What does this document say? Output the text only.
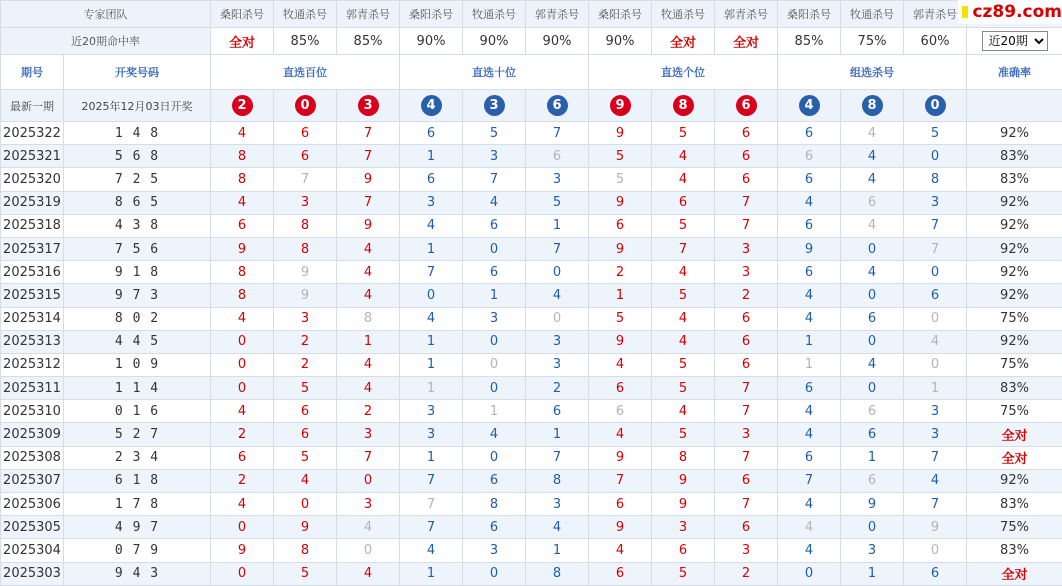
cz89.com
专家团队		桑阳杀号	牧通杀号	郭青杀号	桑阳杀号	牧通杀号	郭青杀号	桑阳杀号	牧通杀号	郭青杀号	桑阳杀号	牧通杀号	郭青杀号	
近20期命中率		全对	85%	85%	90%	90%	90%	90%	全对	全对	85%	75%	60%	
近20期
期号	开奖号码	直选百位			直选十位			直选个位			组选杀号			准确率
最新一期	2025年12月03日开奖	2	0	3	4	3	6	9	8	6	4	8	0	
2025322	1 4 8	4	6	7	6	5	7	9	5	6	6	4	5	92%
2025321	5 6 8	8	6	7	1	3	6	5	4	6	6	4	0	83%
2025320	7 2 5	8	7	9	6	7	3	5	4	6	6	4	8	83%
2025319	8 6 5	4	3	7	3	4	5	9	6	7	4	6	3	92%
2025318	4 3 8	6	8	9	4	6	1	6	5	7	6	4	7	92%
2025317	7 5 6	9	8	4	1	0	7	9	7	3	9	0	7	92%
2025316	9 1 8	8	9	4	7	6	0	2	4	3	6	4	0	92%
2025315	9 7 3	8	9	4	0	1	4	1	5	2	4	0	6	92%
2025314	8 0 2	4	3	8	4	3	0	5	4	6	4	6	0	75%
2025313	4 4 5	0	2	1	1	0	3	9	4	6	1	0	4	92%
2025312	1 0 9	0	2	4	1	0	3	4	5	6	1	4	0	75%
2025311	1 1 4	0	5	4	1	0	2	6	5	7	6	0	1	83%
2025310	0 1 6	4	6	2	3	1	6	6	4	7	4	6	3	75%
2025309	5 2 7	2	6	3	3	4	1	4	5	3	4	6	3	全对
2025308	2 3 4	6	5	7	1	0	7	9	8	7	6	1	7	全对
2025307	6 1 8	2	4	0	7	6	8	7	9	6	7	6	4	92%
2025306	1 7 8	4	0	3	7	8	3	6	9	7	4	9	7	83%
2025305	4 9 7	0	9	4	7	6	4	9	3	6	4	0	9	75%
2025304	0 7 9	9	8	0	4	3	1	4	6	3	4	3	0	83%
2025303	9 4 3	0	5	4	1	0	8	6	5	2	0	1	6	全对
